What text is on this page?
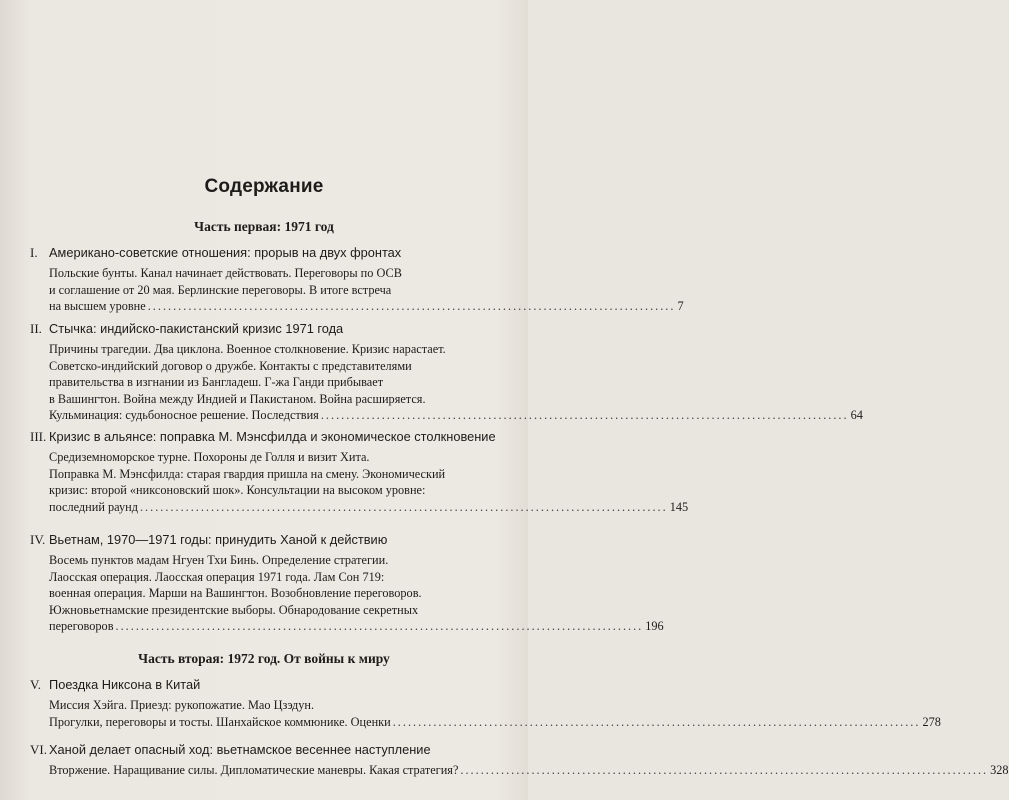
Содержание
Часть первая: 1971 год
I. Американо-советские отношения: прорыв на двух фронтах
Польские бунты. Канал начинает действовать. Переговоры по ОСВ
и соглашение от 20 мая. Берлинские переговоры. В итоге встреча
на высшем уровне ........................................................................................................ 7
II. Стычка: индийско-пакистанский кризис 1971 года
Причины трагедии. Два циклона. Военное столкновение. Кризис нарастает.
Советско-индийский договор о дружбе. Контакты с представителями
правительства в изгнании из Бангладеш. Г-жа Ганди прибывает
в Вашингтон. Война между Индией и Пакистаном. Война расширяется.
Кульминация: судьбоносное решение. Последствия ........................................................................................................ 64
III. Кризис в альянсе: поправка М. Мэнсфилда и экономическое столкновение
Средиземноморское турне. Похороны де Голля и визит Хита.
Поправка М. Мэнсфилда: старая гвардия пришла на смену. Экономический
кризис: второй «никсоновский шок». Консультации на высоком уровне:
последний раунд ........................................................................................................ 145
IV. Вьетнам, 1970—1971 годы: принудить Ханой к действию
Восемь пунктов мадам Нгуен Тхи Бинь. Определение стратегии.
Лаосская операция. Лаосская операция 1971 года. Лам Сон 719:
военная операция. Марши на Вашингтон. Возобновление переговоров.
Южновьетнамские президентские выборы. Обнародование секретных
переговоров ........................................................................................................ 196
Часть вторая: 1972 год. От войны к миру
V. Поездка Никсона в Китай
Миссия Хэйга. Приезд: рукопожатие. Мао Цзэдун.
Прогулки, переговоры и тосты. Шанхайское коммюнике. Оценки ........................................................................................................ 278
VI. Ханой делает опасный ход: вьетнамское весеннее наступление
Вторжение. Наращивание силы. Дипломатические маневры. Какая стратегия? ........................................................................................................ 328
